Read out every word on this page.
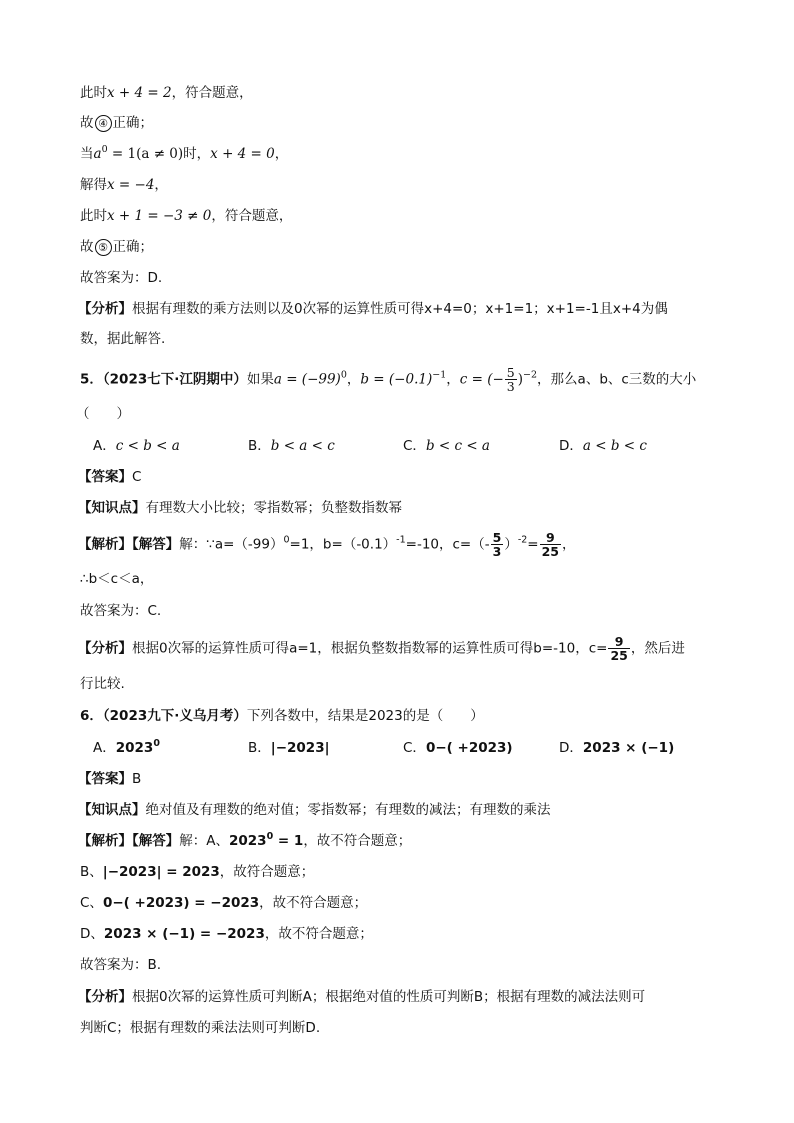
此时x + 4 = 2，符合题意，
故 ④ 正确；
当$a^0 = 1(a \ne 0)$时，x + 4 = 0，
解得x = −4，
此时x + 1 = −3 ≠ 0，符合题意，
故 ⑤ 正确；
故答案为：D.
【分析】根据有理数的乘方法则以及0次幂的运算性质可得x+4=0；x+1=1；x+1=-1且x+4为偶
数，据此解答.
5．（2023七下·江阴期中）如果$a = (-99)^0$，$b = (-0.1)^{-1}$，c = (− $\frac{5}{3} )^{-2}$，那么a、b、c三数的大小
（　　）
A．c < b < a	B．b < a < c	C．b < c < a	D．a < b < c
【答案】C
【知识点】有理数大小比较；零指数幂；负整数指数幂
【解析】【解答】解：$\because a=(-99)^0=1$，$b=(-0.1)^{-1}=-10$，$c=(- \frac{5}{3} )^{-2}= \frac{9}{25}$ ，
∴b＜c＜a，
故答案为：C.
【分析】根据0次幂的运算性质可得a=1，根据负整数指数幂的运算性质可得b=-10，$c= \frac{9}{25}$ ，然后进
行比较.
6．（2023九下·义乌月考）下列各数中，结果是2023的是（　　）
A．2023$^0$	B．|−2023|	C．0−( +2023)	D．2023 × (−1)
【答案】B
【知识点】绝对值及有理数的绝对值；零指数幂；有理数的减法；有理数的乘法
【解析】【解答】解：A、$2023^0 = 1$，故不符合题意；
B、|−2023| = 2023，故符合题意；
C、0−( +2023) = −2023，故不符合题意；
D、2023 × (−1) = −2023，故不符合题意；
故答案为：B.
【分析】根据0次幂的运算性质可判断A；根据绝对值的性质可判断B；根据有理数的减法法则可
判断C；根据有理数的乘法法则可判断D.
